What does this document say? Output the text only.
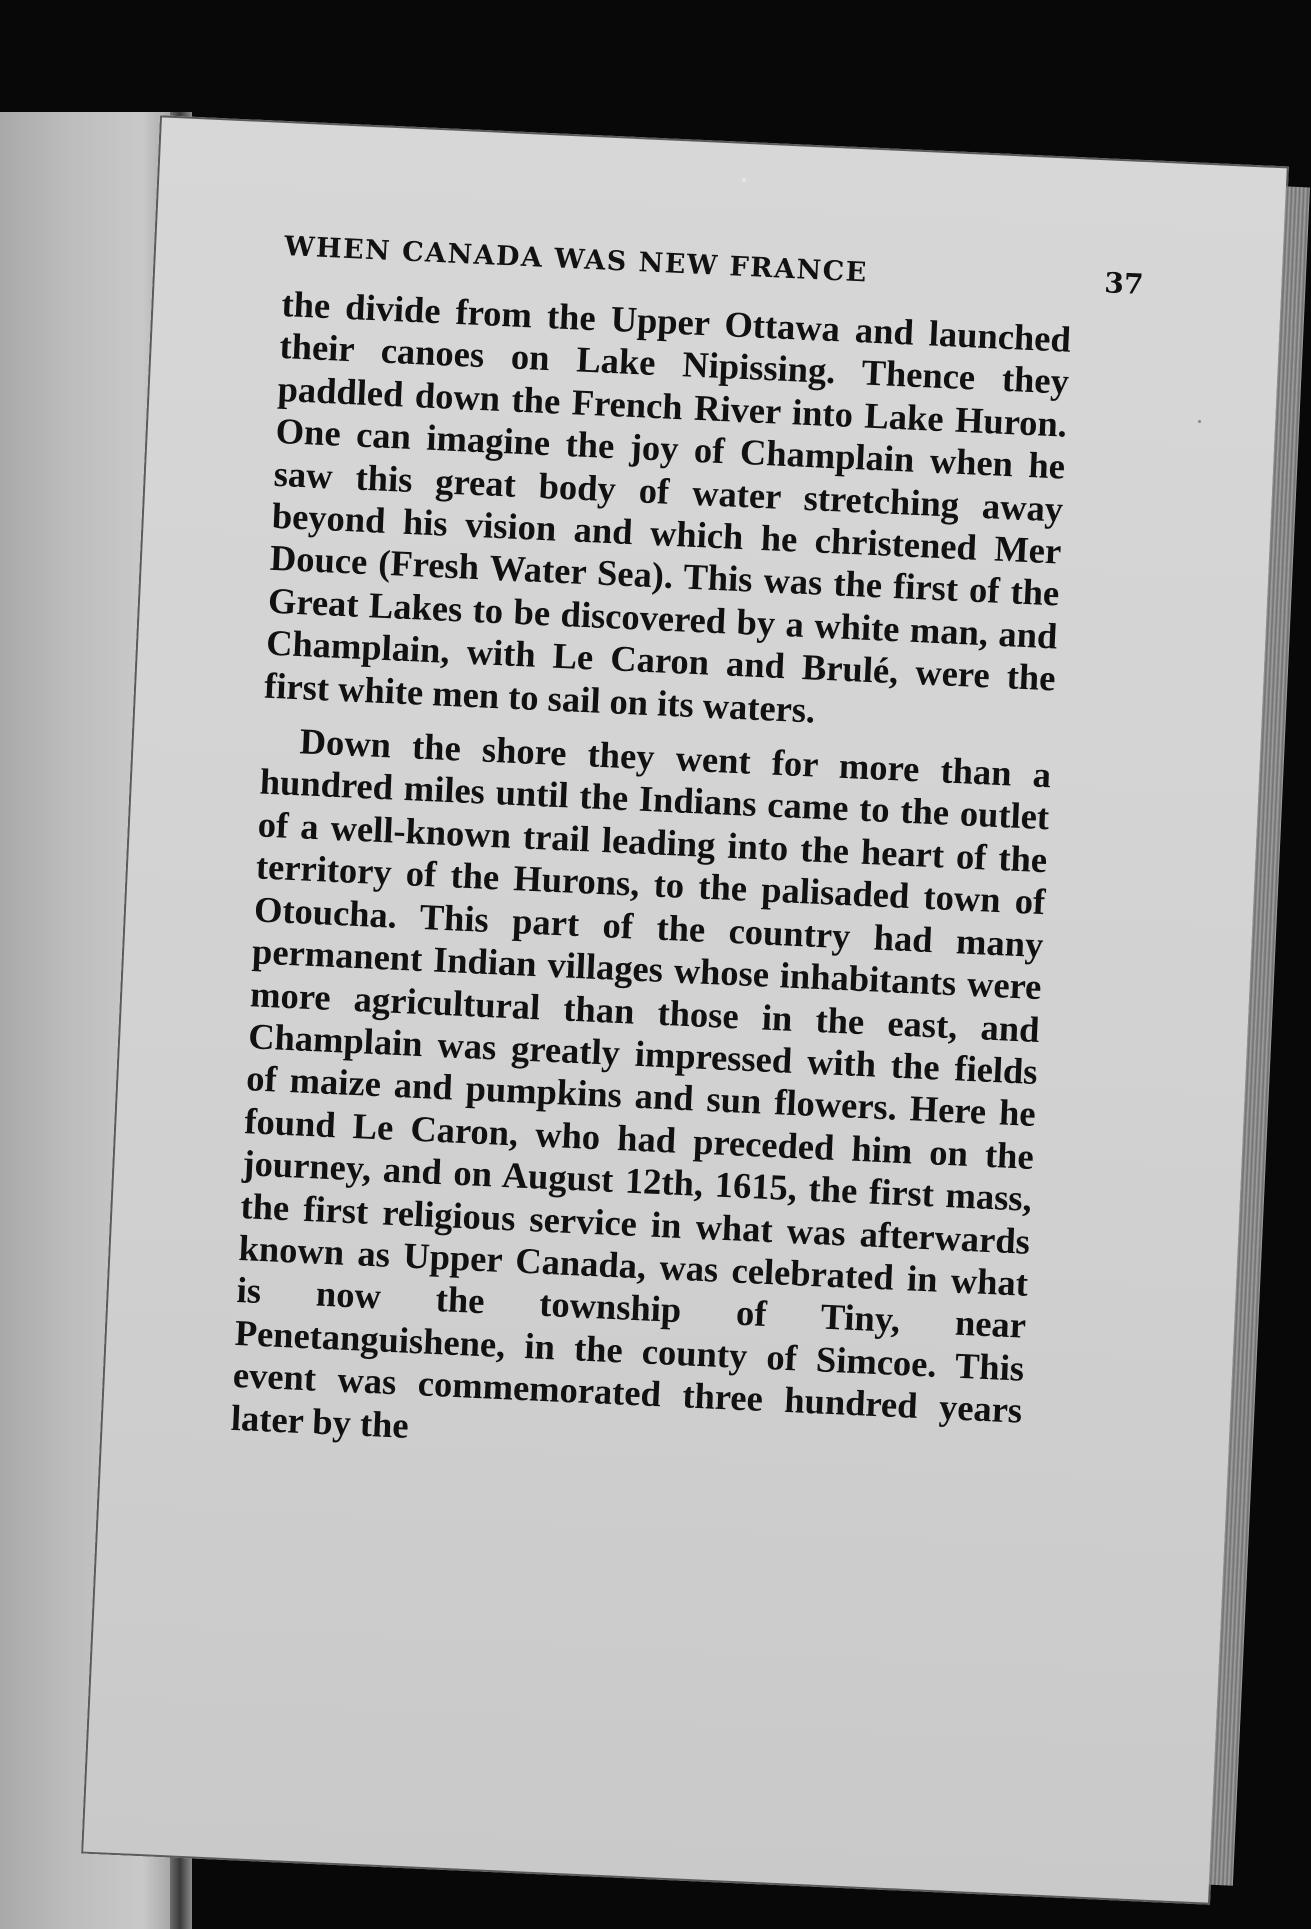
WHEN CANADA WAS NEW FRANCE	37

the divide from the Upper Ottawa and launched their canoes on Lake Nipissing. Thence they paddled down the French River into Lake Huron. One can imagine the joy of Champlain when he saw this great body of water stretching away beyond his vision and which he christened Mer Douce (Fresh Water Sea). This was the first of the Great Lakes to be discovered by a white man, and Champlain, with Le Caron and Brulé, were the first white men to sail on its waters.

Down the shore they went for more than a hundred miles until the Indians came to the outlet of a well-known trail leading into the heart of the territory of the Hurons, to the palisaded town of Otoucha. This part of the country had many permanent Indian villages whose inhabitants were more agricultural than those in the east, and Champlain was greatly impressed with the fields of maize and pumpkins and sun flowers. Here he found Le Caron, who had preceded him on the journey, and on August 12th, 1615, the first mass, the first religious service in what was afterwards known as Upper Canada, was celebrated in what is now the township of Tiny, near Penetanguishene, in the county of Simcoe. This event was commemorated three hundred years later by the
